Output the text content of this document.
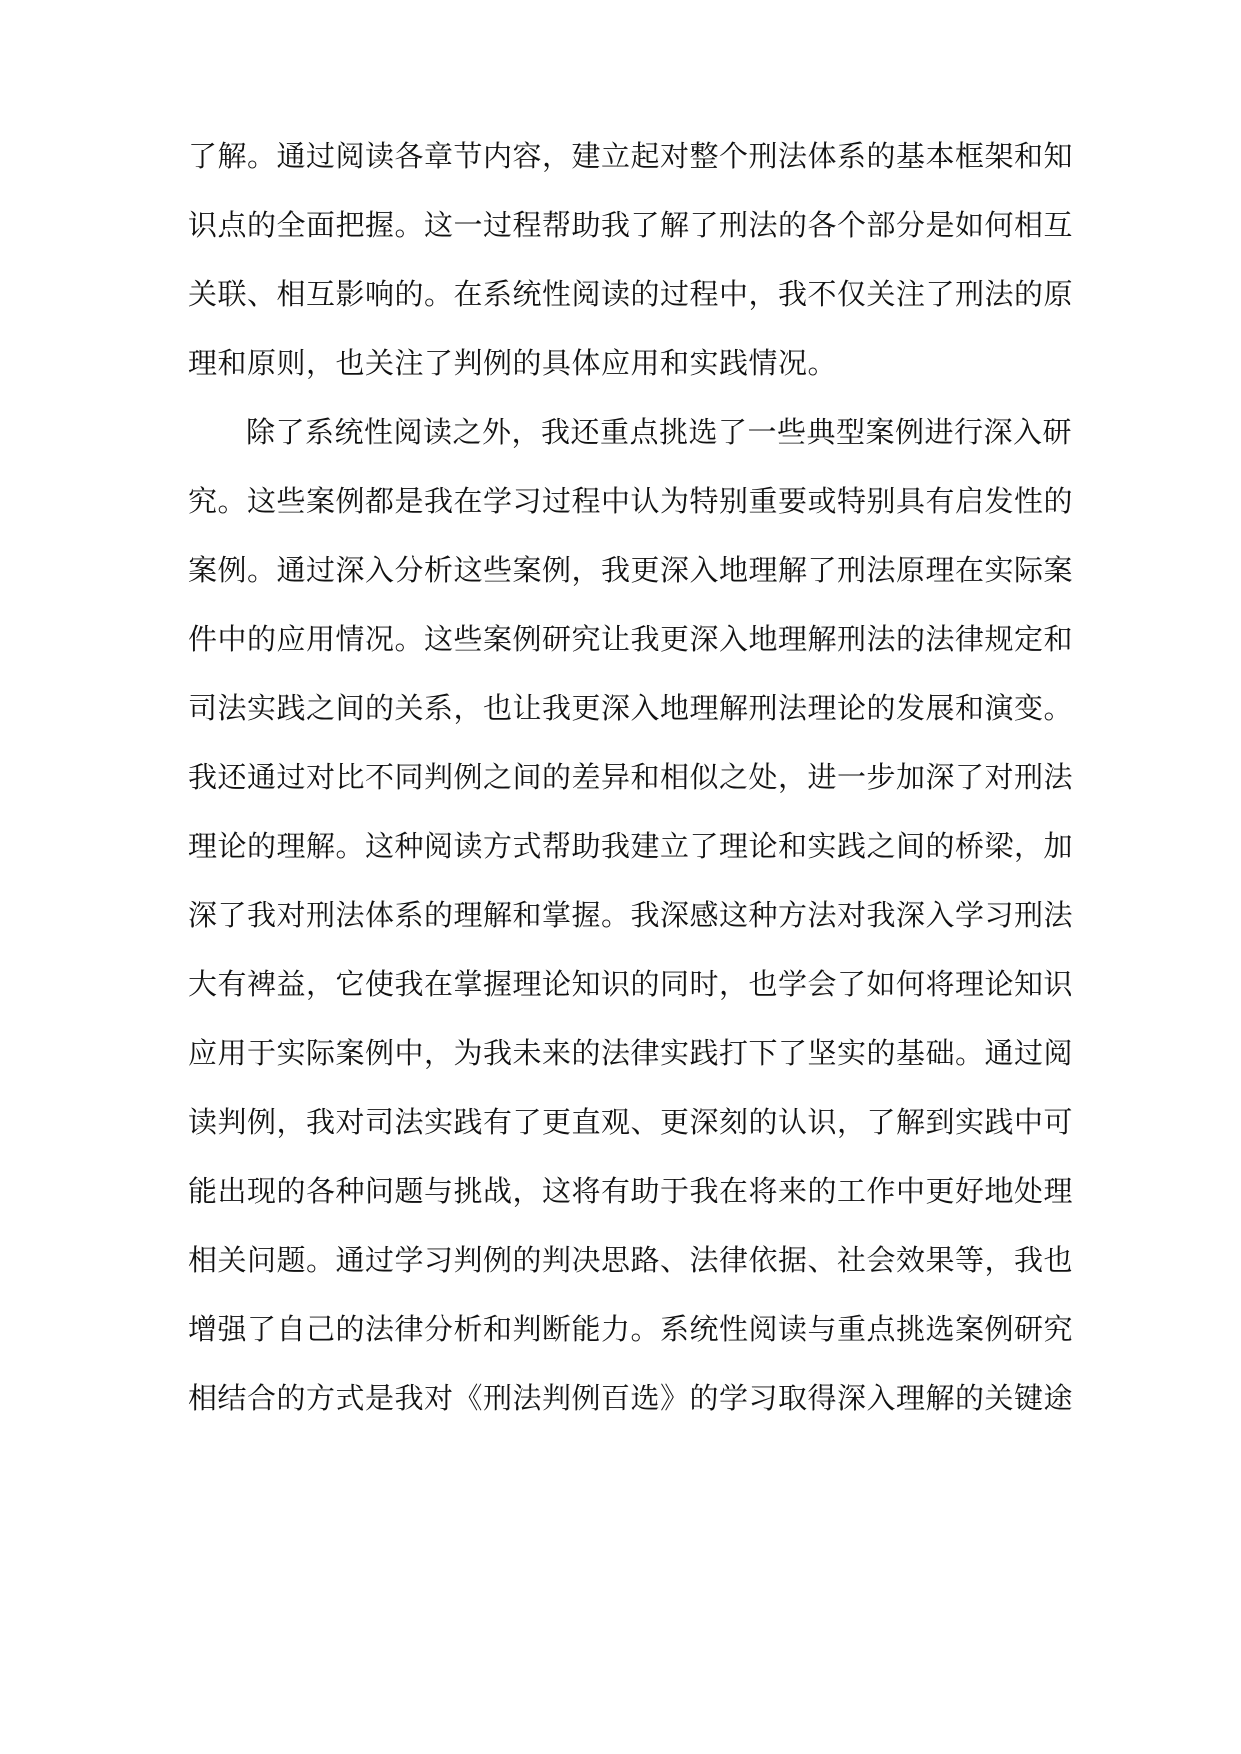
了解。通过阅读各章节内容，建立起对整个刑法体系的基本框架和知
识点的全面把握。这一过程帮助我了解了刑法的各个部分是如何相互
关联、相互影响的。在系统性阅读的过程中，我不仅关注了刑法的原
理和原则，也关注了判例的具体应用和实践情况。
除了系统性阅读之外，我还重点挑选了一些典型案例进行深入研
究。这些案例都是我在学习过程中认为特别重要或特别具有启发性的
案例。通过深入分析这些案例，我更深入地理解了刑法原理在实际案
件中的应用情况。这些案例研究让我更深入地理解刑法的法律规定和
司法实践之间的关系，也让我更深入地理解刑法理论的发展和演变。
我还通过对比不同判例之间的差异和相似之处，进一步加深了对刑法
理论的理解。这种阅读方式帮助我建立了理论和实践之间的桥梁，加
深了我对刑法体系的理解和掌握。我深感这种方法对我深入学习刑法
大有裨益，它使我在掌握理论知识的同时，也学会了如何将理论知识
应用于实际案例中，为我未来的法律实践打下了坚实的基础。通过阅
读判例，我对司法实践有了更直观、更深刻的认识，了解到实践中可
能出现的各种问题与挑战，这将有助于我在将来的工作中更好地处理
相关问题。通过学习判例的判决思路、法律依据、社会效果等，我也
增强了自己的法律分析和判断能力。系统性阅读与重点挑选案例研究
相结合的方式是我对《刑法判例百选》的学习取得深入理解的关键途
